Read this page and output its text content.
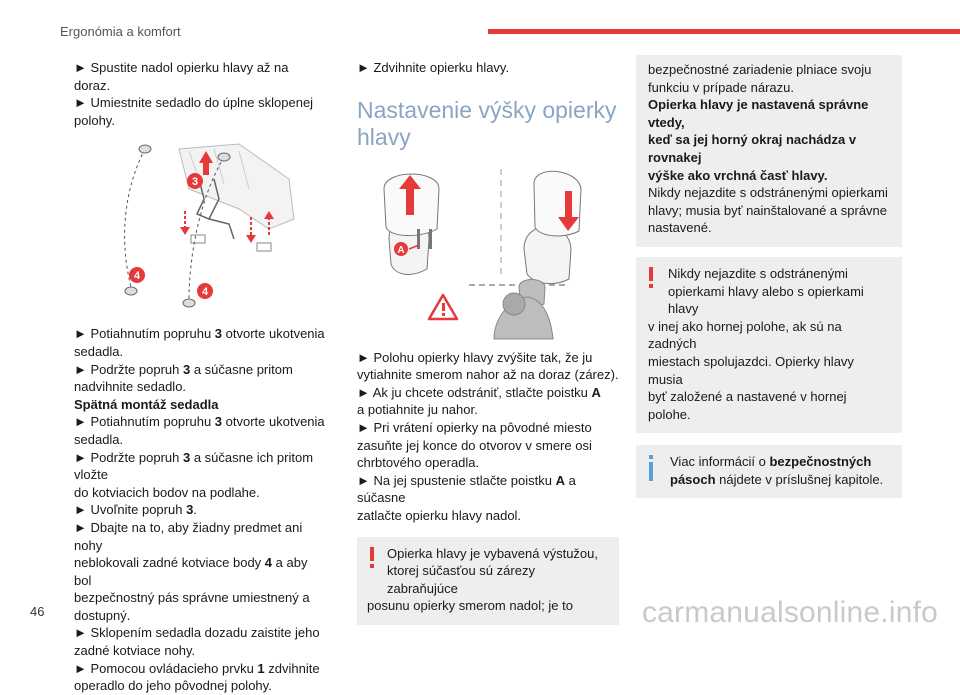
Ergonómia a komfort
► Spustite nadol opierku hlavy až na doraz.
► Umiestnite sedadlo do úplne sklopenej
polohy.
3
4
4
► Potiahnutím popruhu 3 otvorte ukotvenia
sedadla.
► Podržte popruh 3 a súčasne pritom
nadvihnite sedadlo.
Spätná montáž sedadla
► Potiahnutím popruhu 3 otvorte ukotvenia
sedadla.
► Podržte popruh 3 a súčasne ich pritom vložte
do kotviacich bodov na podlahe.
► Uvoľnite popruh 3.
► Dbajte na to, aby žiadny predmet ani nohy
neblokovali zadné kotviace body 4 a aby bol
bezpečnostný pás správne umiestnený a
dostupný.
► Sklopením sedadla dozadu zaistite jeho
zadné kotviace nohy.
► Pomocou ovládacieho prvku 1 zdvihnite
operadlo do jeho pôvodnej polohy.
► Zdvihnite opierku hlavy.
Nastavenie výšky opierky
hlavy
A
► Polohu opierky hlavy zvýšite tak, že ju
vytiahnite smerom nahor až na doraz (zárez).
► Ak ju chcete odstrániť, stlačte poistku A
a potiahnite ju nahor.
► Pri vrátení opierky na pôvodné miesto
zasuňte jej konce do otvorov v smere osi
chrbtového operadla.
► Na jej spustenie stlačte poistku A a súčasne
zatlačte opierku hlavy nadol.
Opierka hlavy je vybavená výstužou,
ktorej súčasťou sú zárezy zabraňujúce
posunu opierky smerom nadol; je to
bezpečnostné zariadenie plniace svoju
funkciu v prípade nárazu.
Opierka hlavy je nastavená správne vtedy,
keď sa jej horný okraj nachádza v rovnakej
výške ako vrchná časť hlavy.
Nikdy nejazdite s odstránenými opierkami
hlavy; musia byť nainštalované a správne
nastavené.
Nikdy nejazdite s odstránenými
opierkami hlavy alebo s opierkami hlavy
v inej ako hornej polohe, ak sú na zadných
miestach spolujazdci. Opierky hlavy musia
byť založené a nastavené v hornej polohe.
Viac informácií o bezpečnostných
pásoch nájdete v príslušnej kapitole.
46	carmanualsonline.info
